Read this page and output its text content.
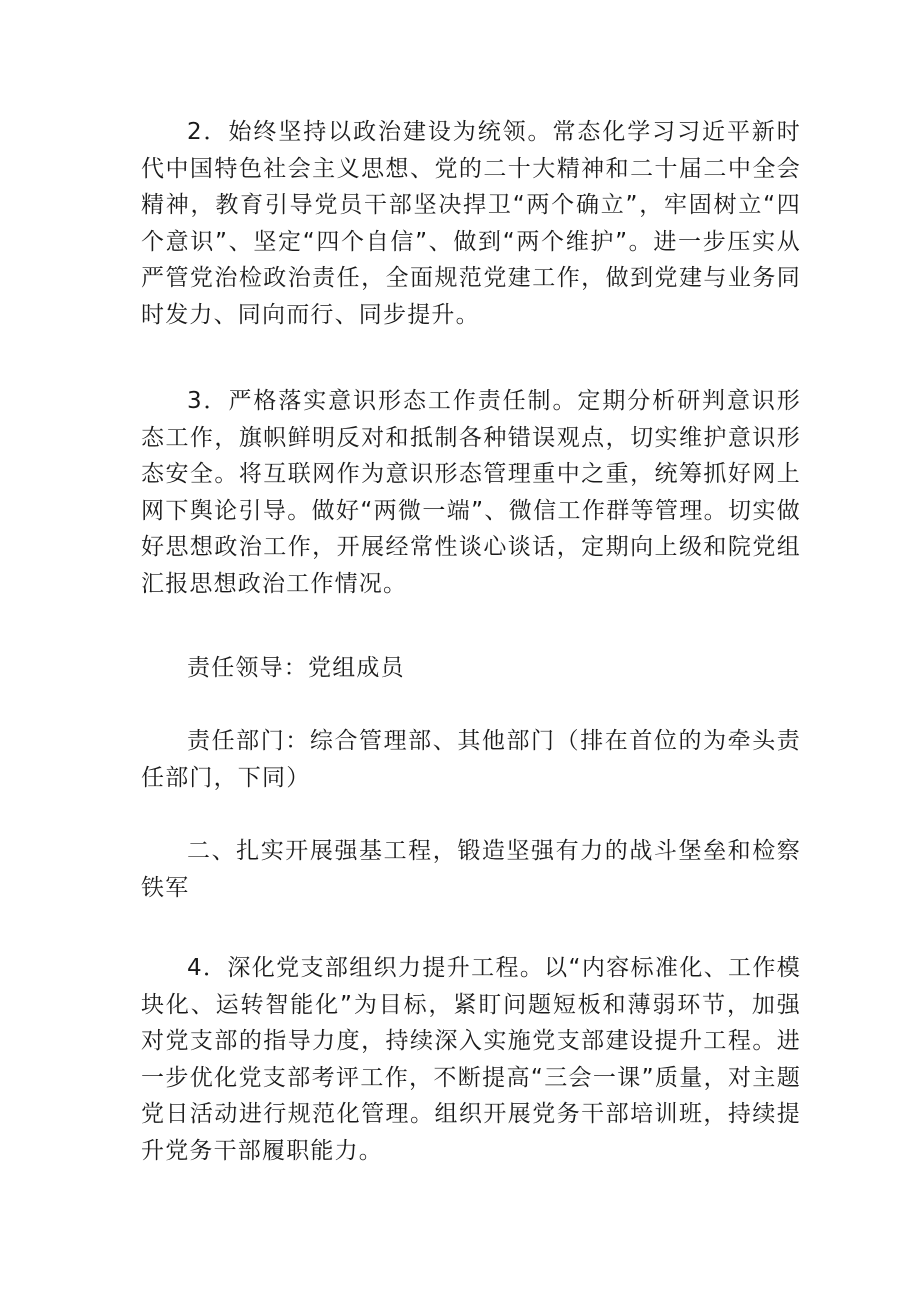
2．始终坚持以政治建设为统领。常态化学习习近平新时代中国特色社会主义思想、党的二十大精神和二十届二中全会精神，教育引导党员干部坚决捍卫“两个确立”，牢固树立“四个意识”、坚定“四个自信”、做到“两个维护”。进一步压实从严管党治检政治责任，全面规范党建工作，做到党建与业务同时发力、同向而行、同步提升。

3．严格落实意识形态工作责任制。定期分析研判意识形态工作，旗帜鲜明反对和抵制各种错误观点，切实维护意识形态安全。将互联网作为意识形态管理重中之重，统筹抓好网上网下舆论引导。做好“两微一端”、微信工作群等管理。切实做好思想政治工作，开展经常性谈心谈话，定期向上级和院党组汇报思想政治工作情况。

责任领导：党组成员

责任部门：综合管理部、其他部门（排在首位的为牵头责任部门，下同）

二、扎实开展强基工程，锻造坚强有力的战斗堡垒和检察铁军

4．深化党支部组织力提升工程。以“内容标准化、工作模块化、运转智能化”为目标，紧盯问题短板和薄弱环节，加强对党支部的指导力度，持续深入实施党支部建设提升工程。进一步优化党支部考评工作，不断提高“三会一课”质量，对主题党日活动进行规范化管理。组织开展党务干部培训班，持续提升党务干部履职能力。
